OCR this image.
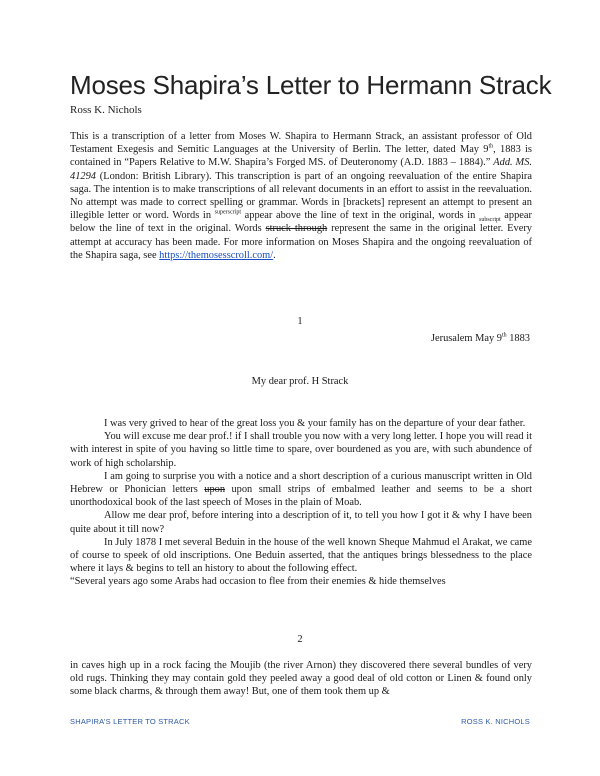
Moses Shapira’s Letter to Hermann Strack
Ross K. Nichols
This is a transcription of a letter from Moses W. Shapira to Hermann Strack, an assistant professor of Old Testament Exegesis and Semitic Languages at the University of Berlin. The letter, dated May 9th, 1883 is contained in “Papers Relative to M.W. Shapira’s Forged MS. of Deuteronomy (A.D. 1883 – 1884).” Add. MS. 41294 (London: British Library). This transcription is part of an ongoing reevaluation of the entire Shapira saga. The intention is to make transcriptions of all relevant documents in an effort to assist in the reevaluation. No attempt was made to correct spelling or grammar. Words in [brackets] represent an attempt to present an illegible letter or word. Words in $^{superscript}$ appear above the line of text in the original, words in $_{subscript}$ appear below the line of text in the original. Words struck through represent the same in the original letter. Every attempt at accuracy has been made. For more information on Moses Shapira and the ongoing reevaluation of the Shapira saga, see https://themosesscroll.com/.
1
Jerusalem May 9th 1883
My dear prof. H Strack

I was very grived to hear of the great loss you & your family has on the departure of your dear father.

You will excuse me dear prof.! if I shall trouble you now with a very long letter. I hope you will read it with interest in spite of you having so little time to spare, over bourdened as you are, with such abundence of work of high scholarship.

I am going to surprise you with a notice and a short description of a curious manuscript written in Old Hebrew or Phonician letters upon upon small strips of embalmed leather and seems to be a short unorthodoxical book of the last speech of Moses in the plain of Moab.

Allow me dear prof, before intering into a description of it, to tell you how I got it & why I have been quite about it till now?

In July 1878 I met several Beduin in the house of the well known Sheque Mahmud el Arakat, we came of course to speek of old inscriptions. One Beduin asserted, that the antiques brings blessedness to the place where it lays & begins to tell an history to about the following effect.

“Several years ago some Arabs had occasion to flee from their enemies & hide themselves

2

in caves high up in a rock facing the Moujib (the river Arnon) they discovered there several bundles of very old rugs. Thinking they may contain gold they peeled away a good deal of old cotton or Linen & found only some black charms, & through them away! But, one of them took them up &

SHAPIRA’S LETTER TO STRACK	ROSS K. NICHOLS
